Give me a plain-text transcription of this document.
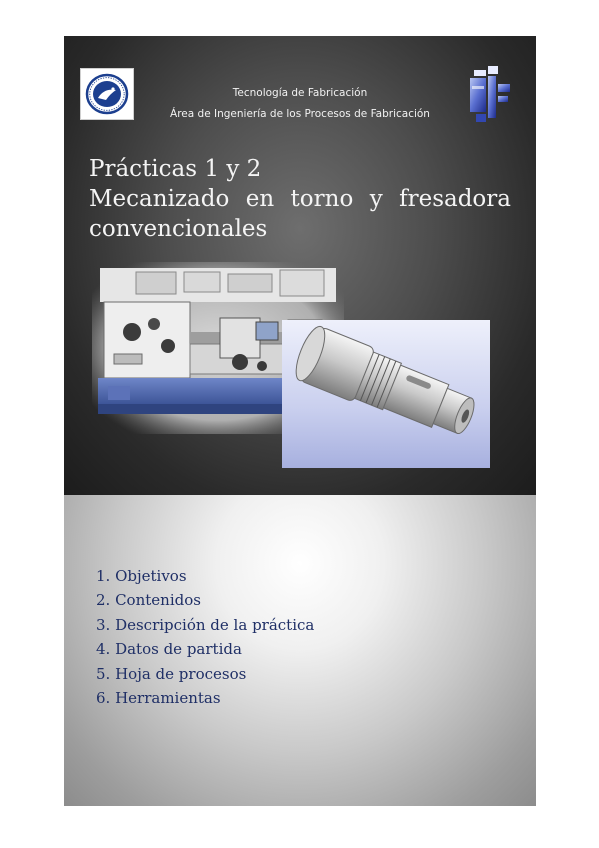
Tecnología de Fabricación
Área de Ingeniería de los Procesos de Fabricación
Prácticas 1 y 2
Mecanizado en torno y fresadora
convencionales
1. Objetivos
2. Contenidos
3. Descripción de la práctica
4. Datos de partida
5. Hoja de procesos
6. Herramientas
